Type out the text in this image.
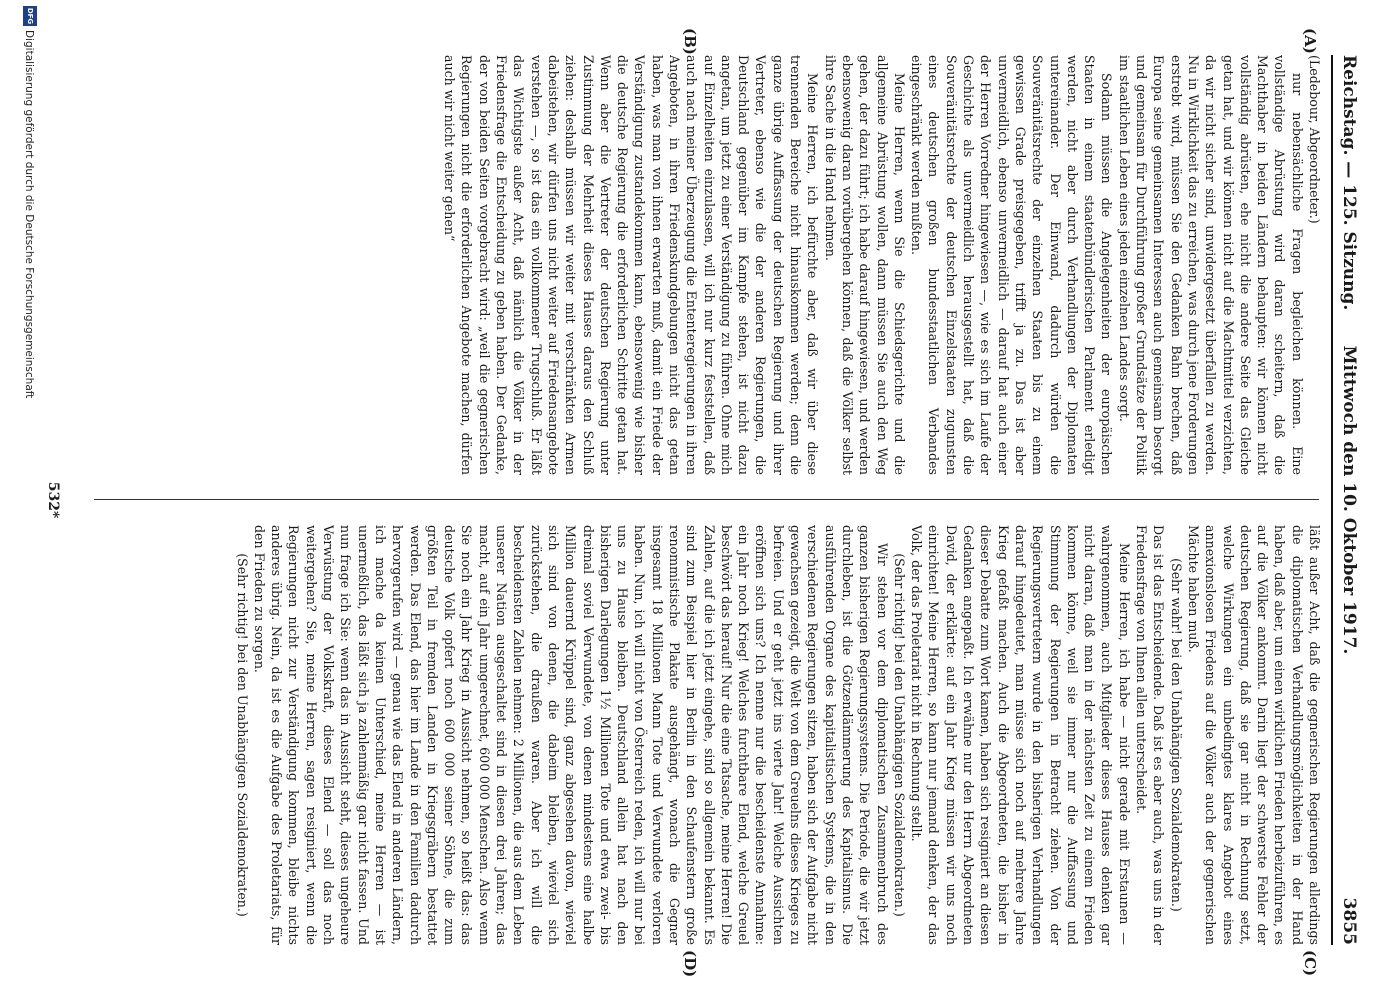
Reichstag. — 125. Sitzung.
Mittwoch den 10. Oktober 1917.
3855
(A)
(B)
(C)
(D)

(Ledebour, Abgeordneter.)

nur nebensächliche Fragen begleichen können. Eine vollständige Abrüstung wird daran scheitern, daß die Machthaber in beiden Ländern behaupten: wir können nicht vollständig abrüsten, ehe nicht die andere Seite das Gleiche getan hat, und wir können nicht auf die Machtmittel verzichten, da wir nicht sicher sind, unwidergesetzt überfallen zu werden. Nu in Wirklichkeit das zu erreichen, was durch jene Forderungen erstrebt wird, müssen Sie den Gedanken Bahn brechen, daß Europa seine gemeinsamen Interessen auch gemeinsam besorgt und gemeinsam für Durchführung großer Grundsätze der Politik im staatlichen Leben eines jeden einzelnen Landes sorgt.

Sodann müssen die Angelegenheiten der europäischen Staaten in einem staatenbündlerischen Parlament erledigt werden, nicht aber durch Verhandlungen der Diplomaten untereinander. Der Einwand, dadurch würden die Souveränitätsrechte der einzelnen Staaten bis zu einem gewissen Grade preisgegeben, trifft ja zu. Das ist aber unvermeidlich, ebenso unvermeidlich — darauf hat auch einer der Herren Vorredner hingewiesen —, wie es sich im Laufe der Geschichte als unvermeidlich herausgestellt hat, daß die Souveränitätsrechte der deutschen Einzelstaaten zugunsten eines deutschen großen bundesstaatlichen Verbandes eingeschränkt werden mußten.

Meine Herren, wenn Sie die Schiedsgerichte und die allgemeine Abrüstung wollen, dann müssen Sie auch den Weg gehen, der dazu führt; ich habe darauf hingewiesen, und werden ebensowenig daran vorübergehen können, daß die Völker selbst ihre Sache in die Hand nehmen.

Meine Herren, ich befürchte aber, daß wir über diese trennenden Bereiche nicht hinauskommen werden; denn die ganze übrige Auffassung der deutschen Regierung und ihrer Vertreter, ebenso wie die der anderen Regierungen, die Deutschland gegenüber im Kampfe stehen, ist nicht dazu angetan, um jetzt zu einer Verständigung zu führen. Ohne mich auf Einzelheiten einzulassen, will ich nur kurz feststellen, daß auch nach meiner Überzeugung die Ententeregierungen in ihren Angeboten, in ihren Friedenskundgebungen nicht das getan haben, was man von ihnen erwarten muß, damit ein Friede der Verständigung zustandekommen kann, ebensowenig wie bisher die deutsche Regierung die erforderlichen Schritte getan hat. Wenn aber die Vertreter der deutschen Regierung unter Zustimmung der Mehrheit dieses Hauses daraus den Schluß ziehen: deshalb müssen wir weiter mit verschränkten Armen dabeistehen, wir dürfen uns nicht weiter auf Friedensangebote verstehen —, so ist das ein vollkommener Trugschluß. Er läßt das Wichtigste außer Acht, daß nämlich die Völker in der Friedensfrage die Entscheidung zu geben haben. Der Gedanke, der von beiden Seiten vorgebracht wird: „weil die gegnerischen Regierungen nicht die erforderlichen Angebote machen, dürfen auch wir nicht weiter gehen“

läßt außer Acht, daß die gegnerischen Regierungen allerdings die diplomatischen Verhandlungsmöglichkeiten in der Hand haben, daß aber, um einen wirklichen Frieden herbeizuführen, es auf die Völker ankommt. Darin liegt der schwerste Fehler der deutschen Regierung, daß sie gar nicht in Rechnung setzt, welche Wirkungen ein unbedingtes klares Angebot eines annexionslosen Friedens auf die Völker auch der gegnerischen Mächte haben muß.

(Sehr wahr! bei den Unabhängigen Sozialdemokraten.)

Das ist das Entscheidende. Daß ist es aber auch, was uns in der Friedensfrage von Ihnen allen unterscheidet.

Meine Herren, ich habe — nicht gerade mit Erstaunen — wahrgenommen, auch Mitglieder dieses Hauses denken gar nicht daran, daß man in der nächsten Zeit zu einem Frieden kommen könne, weil sie immer nur die Auffassung und Stimmung der Regierungen in Betracht ziehen. Von der Regierungsvertretern wurde in den bisherigen Verhandlungen darauf hingedeutet, man müsse sich noch auf mehrere Jahre Krieg gefaßt machen. Auch die Abgeordneten, die bisher in dieser Debatte zum Wort kamen, haben sich resigniert an diesen Gedanken angepaßt. Ich erwähne nur den Herrn Abgeordneten David, der erklärte: auf ein Jahr Krieg müssen wir uns noch einrichten! Meine Herren, so kann nur jemand denken, der das Volk, der das Proletariat nicht in Rechnung stellt.

(Sehr richtig! bei den Unabhängigen Sozialdemokraten.)

Wir stehen vor dem diplomatischen Zusammenbruch des ganzen bisherigen Regierungssystems. Die Periode, die wir jetzt durchleben, ist die Götzendämmerung des Kapitalismus. Die ausführenden Organe des kapitalistischen Systems, die in den verschiedenen Regierungen sitzen, haben sich der Aufgabe nicht gewachsen gezeigt, die Welt von dem Greuelns dieses Krieges zu befreien. Und er geht jetzt ins vierte Jahr! Welche Aussichten eröffnen sich uns? Ich nenne nur die bescheidenste Annahme: ein Jahr noch Krieg! Welches furchtbare Elend, welche Greuel beschwört das herauf! Nur die eine Tatsache, meine Herren! Die Zahlen, auf die ich jetzt eingehe, sind so allgemein bekannt. Es sind zum Beispiel hier in Berlin in den Schaufenstern große renommistische Plakate ausgehängt, wonach die Gegner insgesamt 18 Millionen Mann Tote und Verwundete verloren haben. Nun, ich will nicht von Österreich reden, ich will nur bei uns zu Hause bleiben. Deutschland allein hat nach den bisherigen Darlegungen 1½ Millionen Tote und etwa zwei- bis dreimal soviel Verwundete, von denen mindestens eine halbe Million dauernd Krüppel sind, ganz abgesehen davon, wieviel sich sind von denen, die dabeim bleiben, wieviel sich zurückstehen, die draußen waren. Aber ich will die bescheidensten Zahlen nehmen: 2 Millionen, die aus dem Leben unserer Nation ausgeschaltet sind in diesen drei Jahren; das macht, auf ein Jahr umgerechnet, 600 000 Menschen. Also wenn Sie noch ein Jahr Krieg in Aussicht nehmen, so heißt das: das deutsche Volk opfert noch 600 000 seiner Söhne, die zum größten Teil in fremden Landen in Kriegsgräbern bestattet werden. Das Elend, das hier im Lande in den Familien dadurch hervorgerufen wird — genau wie das Elend in anderen Ländern, ich mache da keinen Unterschied, meine Herren — ist unermeßlich, das läßt sich ja zahlenmäßig gar nicht fassen. Und nun frage ich Sie: wenn das in Aussicht steht, dieses ungeheure Verwüstung der Volkskraft, dieses Elend — soll das noch weitergehen? Sie, meine Herren, sagen resigniert, wenn die Regierungen nicht zur Verständigung kommen, bleibe nichts anderes übrig. Nein, da ist es die Aufgabe des Proletariats, für den Frieden zu sorgen.

(Sehr richtig! bei den Unabhängigen Sozialdemokraten.)

532*
DFG
Digitalisierung gefördert durch die Deutsche Forschungsgemeinschaft
